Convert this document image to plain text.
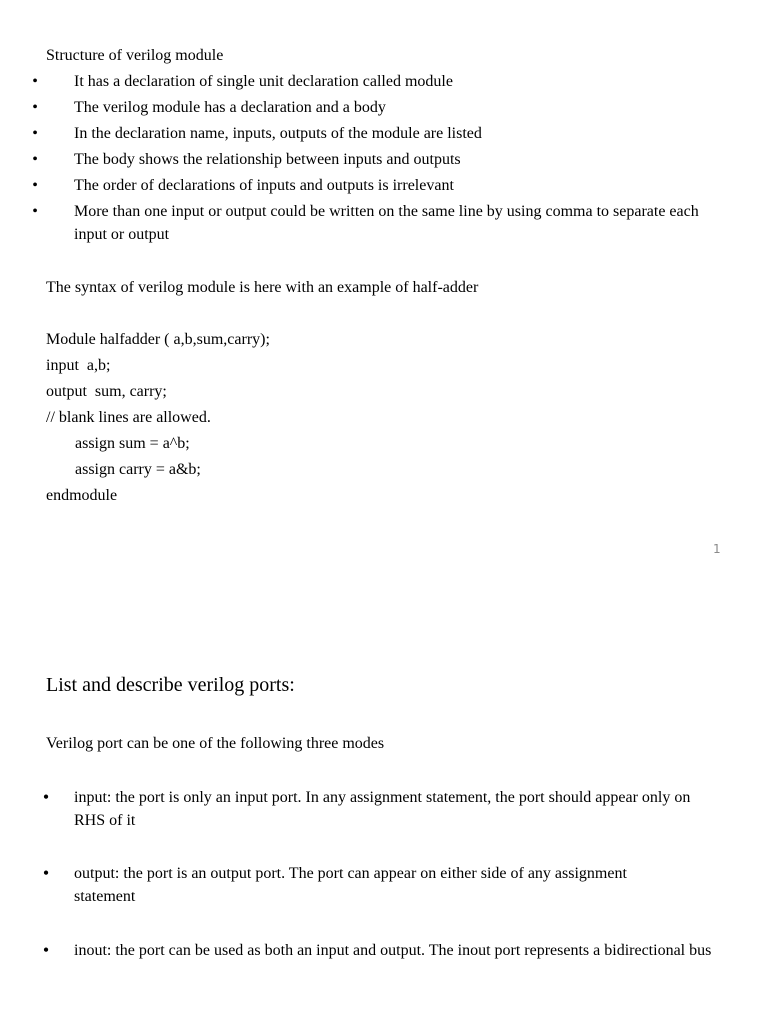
Structure of verilog module
• It has a declaration of single unit declaration called module
• The verilog module has a declaration and a body
• In the declaration name, inputs, outputs of the module are listed
• The body shows the relationship between inputs and outputs
• The order of declarations of inputs and outputs is irrelevant
• More than one input or output could be written on the same line by using comma to separate each input or output
The syntax of verilog module is here with an example of half-adder
Module halfadder ( a,b,sum,carry);
input  a,b;
output  sum, carry;
// blank lines are allowed.
assign sum = a^b;
assign carry = a&b;
endmodule
1
List and describe verilog ports:
Verilog port can be one of the following three modes
• input: the port is only an input port. In any assignment statement, the port should appear only on RHS of it
• output: the port is an output port. The port can appear on either side of any assignment statement
• inout: the port can be used as both an input and output. The inout port represents a bidirectional bus
